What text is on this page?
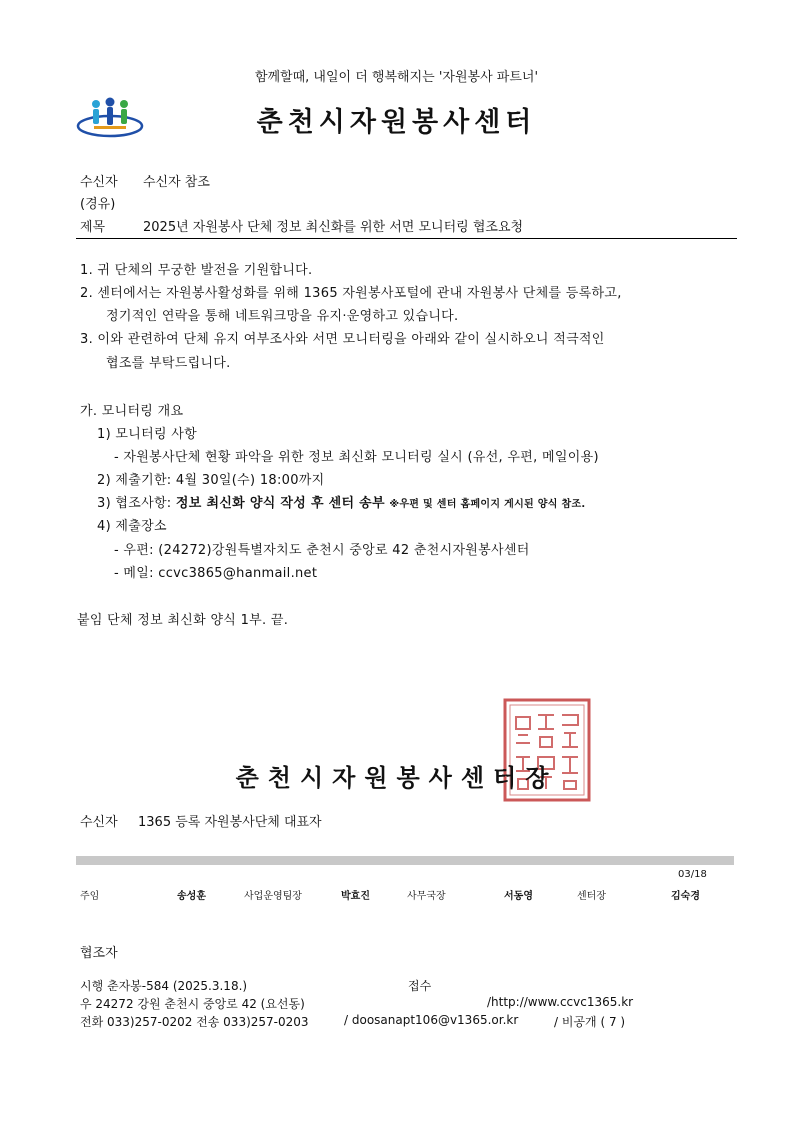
함께할때, 내일이 더 행복해지는 '자원봉사 파트너'
춘천시자원봉사센터
수신자 수신자 참조
(경유)
제목	2025년 자원봉사 단체 정보 최신화를 위한 서면 모니터링 협조요청
1. 귀 단체의 무궁한 발전을 기원합니다.
2. 센터에서는 자원봉사활성화를 위해 1365 자원봉사포털에 관내 자원봉사 단체를 등록하고,
정기적인 연락을 통해 네트워크망을 유지·운영하고 있습니다.
3. 이와 관련하여 단체 유지 여부조사와 서면 모니터링을 아래와 같이 실시하오니 적극적인
협조를 부탁드립니다.
가. 모니터링 개요
1) 모니터링 사항
- 자원봉사단체 현황 파악을 위한 정보 최신화 모니터링 실시 (유선, 우편, 메일이용)
2) 제출기한: 4월 30일(수) 18:00까지
3) 협조사항: 정보 최신화 양식 작성 후 센터 송부 ※우편 및 센터 홈페이지 게시된 양식 참조.
4) 제출장소
- 우편: (24272)강원특별자치도 춘천시 중앙로 42 춘천시자원봉사센터
- 메일: ccvc3865@hanmail.net
붙임 단체 정보 최신화 양식 1부. 끝.
춘천시자원봉사센터장
수신자 1365 등록 자원봉사단체 대표자
03/18
주임	송성훈	사업운영팀장	박효진	사무국장	서동영	센터장	김숙경
협조자
시행 춘자봉-584 (2025.3.18.)	접수
우 24272 강원 춘천시 중앙로 42 (요선동)	/http://www.ccvc1365.kr
전화 033)257-0202 전송 033)257-0203	/ doosanapt106@v1365.or.kr	/ 비공개 ( 7 )
